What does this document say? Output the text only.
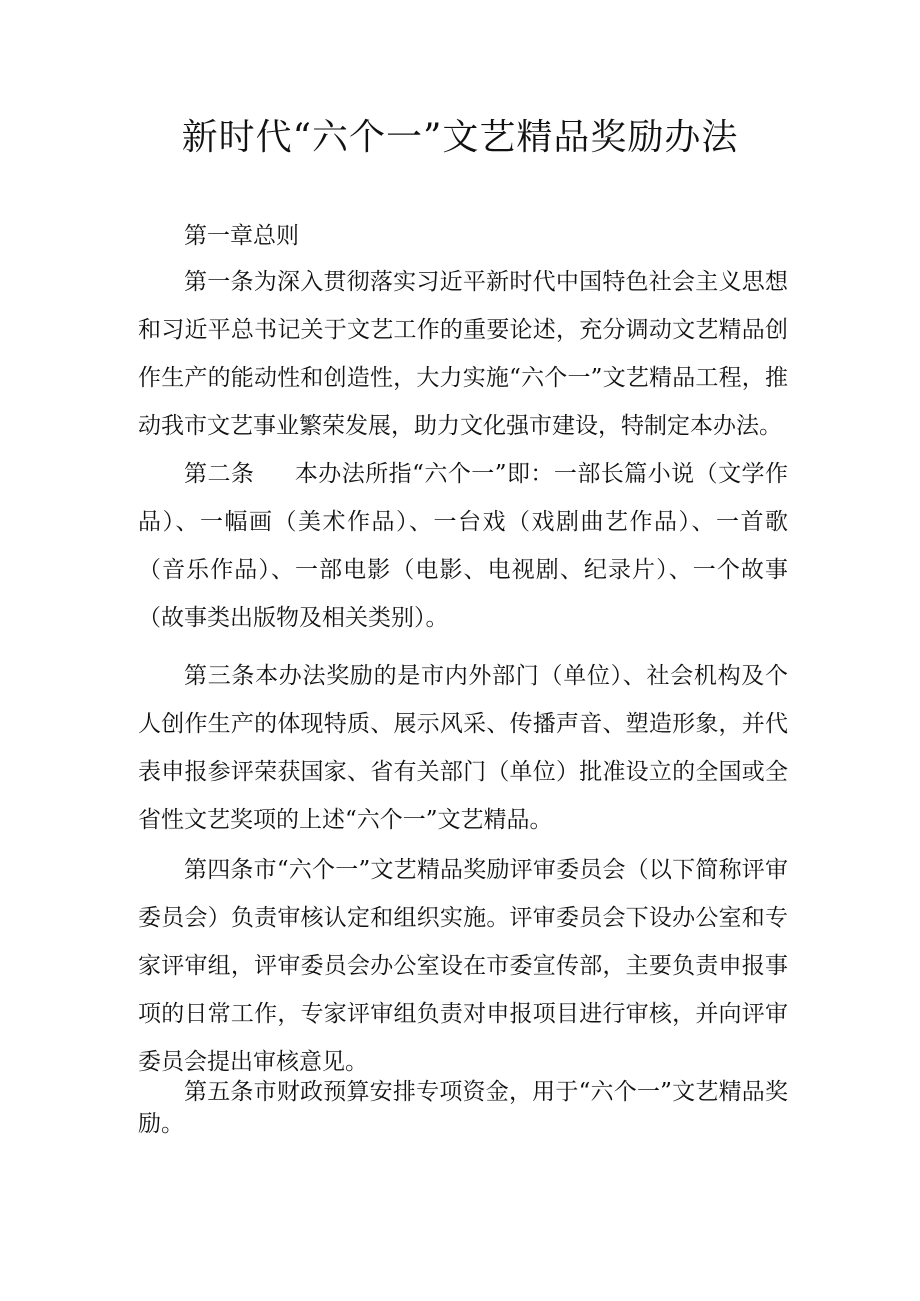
新时代“六个一”文艺精品奖励办法

第一章总则

第一条为深入贯彻落实习近平新时代中国特色社会主义思想和习近平总书记关于文艺工作的重要论述，充分调动文艺精品创作生产的能动性和创造性，大力实施“六个一”文艺精品工程，推动我市文艺事业繁荣发展，助力文化强市建设，特制定本办法。

第二条 本办法所指“六个一”即：一部长篇小说（文学作品）、一幅画（美术作品）、一台戏（戏剧曲艺作品）、一首歌（音乐作品）、一部电影（电影、电视剧、纪录片）、一个故事（故事类出版物及相关类别）。

第三条本办法奖励的是市内外部门（单位）、社会机构及个人创作生产的体现特质、展示风采、传播声音、塑造形象，并代表申报参评荣获国家、省有关部门（单位）批准设立的全国或全省性文艺奖项的上述“六个一”文艺精品。

第四条市“六个一”文艺精品奖励评审委员会（以下简称评审委员会）负责审核认定和组织实施。评审委员会下设办公室和专家评审组，评审委员会办公室设在市委宣传部，主要负责申报事项的日常工作，专家评审组负责对申报项目进行审核，并向评审委员会提出审核意见。

第五条市财政预算安排专项资金，用于“六个一”文艺精品奖励。
